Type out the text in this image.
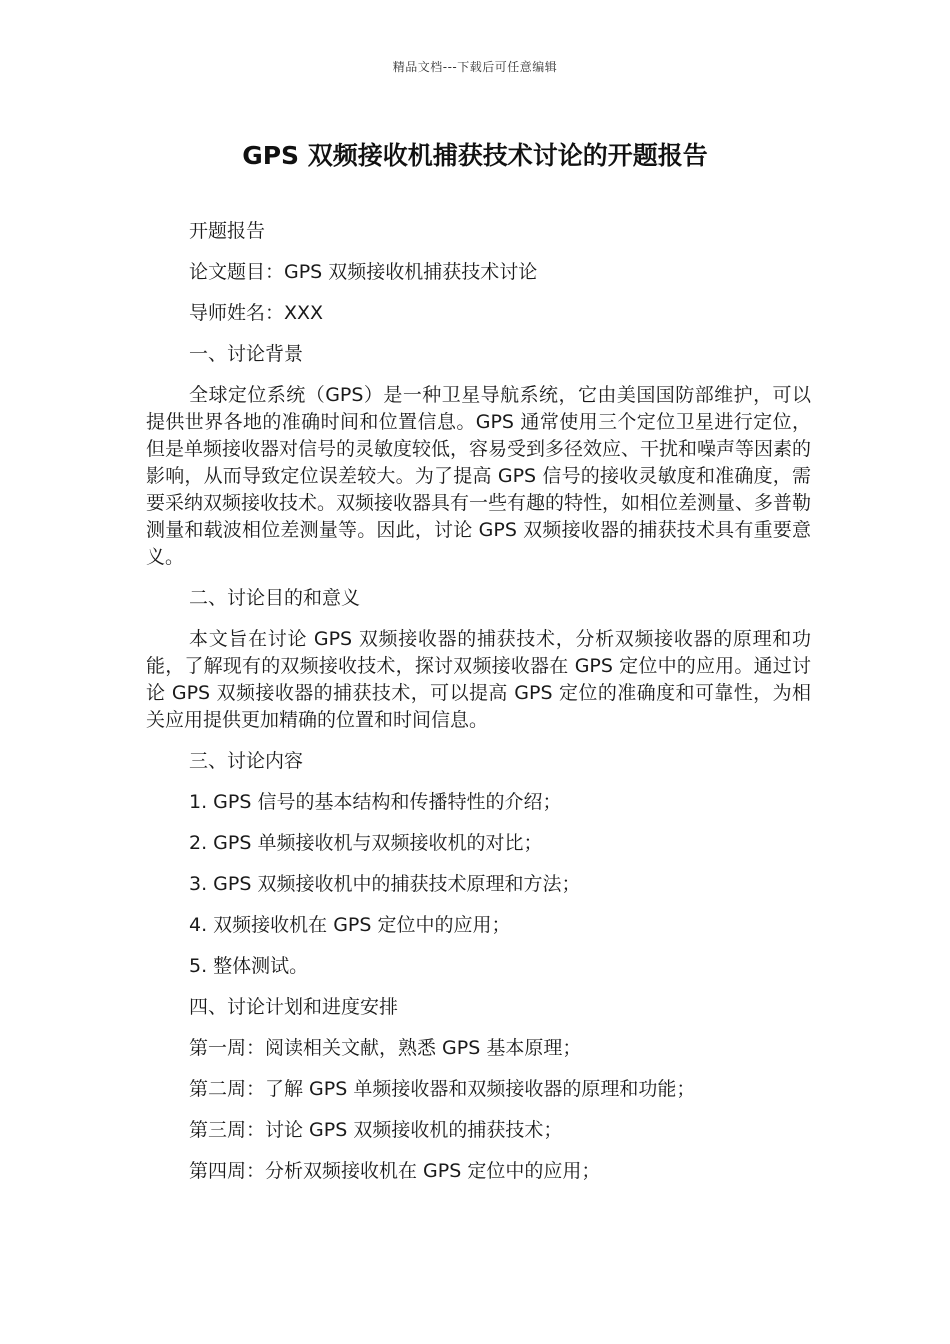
精品文档---下载后可任意编辑
GPS 双频接收机捕获技术讨论的开题报告

开题报告

论文题目：GPS 双频接收机捕获技术讨论

导师姓名：XXX

一、讨论背景

全球定位系统（GPS）是一种卫星导航系统，它由美国国防部维护，可以提供世界各地的准确时间和位置信息。GPS 通常使用三个定位卫星进行定位，但是单频接收器对信号的灵敏度较低，容易受到多径效应、干扰和噪声等因素的影响，从而导致定位误差较大。为了提高 GPS 信号的接收灵敏度和准确度，需要采纳双频接收技术。双频接收器具有一些有趣的特性，如相位差测量、多普勒测量和载波相位差测量等。因此，讨论 GPS 双频接收器的捕获技术具有重要意义。

二、讨论目的和意义

本文旨在讨论 GPS 双频接收器的捕获技术，分析双频接收器的原理和功能，了解现有的双频接收技术，探讨双频接收器在 GPS 定位中的应用。通过讨论 GPS 双频接收器的捕获技术，可以提高 GPS 定位的准确度和可靠性，为相关应用提供更加精确的位置和时间信息。

三、讨论内容

1. GPS 信号的基本结构和传播特性的介绍；

2. GPS 单频接收机与双频接收机的对比；

3. GPS 双频接收机中的捕获技术原理和方法；

4. 双频接收机在 GPS 定位中的应用；

5. 整体测试。

四、讨论计划和进度安排

第一周：阅读相关文献，熟悉 GPS 基本原理；

第二周：了解 GPS 单频接收器和双频接收器的原理和功能；

第三周：讨论 GPS 双频接收机的捕获技术；

第四周：分析双频接收机在 GPS 定位中的应用；
